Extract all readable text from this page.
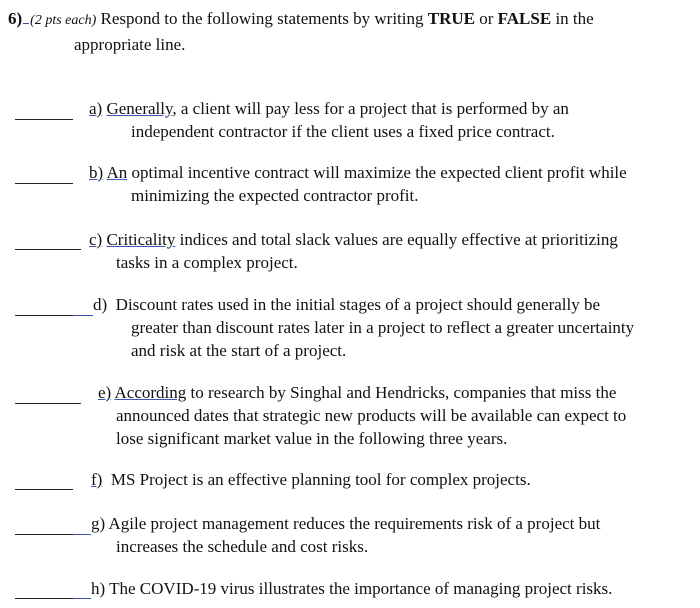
6) (2 pts each) Respond to the following statements by writing TRUE or FALSE in the
appropriate line.
a) Generally, a client will pay less for a project that is performed by an
independent contractor if the client uses a fixed price contract.
b) An optimal incentive contract will maximize the expected client profit while
minimizing the expected contractor profit.
c) Criticality indices and total slack values are equally effective at prioritizing
tasks in a complex project.
d) Discount rates used in the initial stages of a project should generally be
greater than discount rates later in a project to reflect a greater uncertainty
and risk at the start of a project.
e) According to research by Singhal and Hendricks, companies that miss the
announced dates that strategic new products will be available can expect to
lose significant market value in the following three years.
f) MS Project is an effective planning tool for complex projects.
g) Agile project management reduces the requirements risk of a project but
increases the schedule and cost risks.
h) The COVID-19 virus illustrates the importance of managing project risks.
